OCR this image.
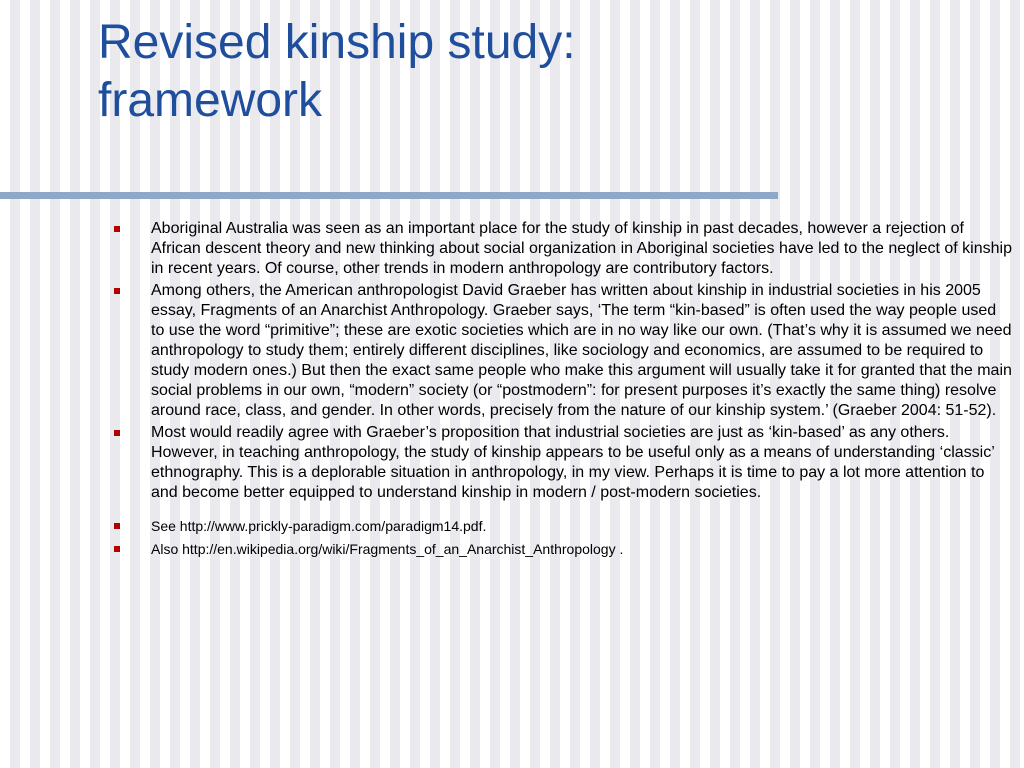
Revised kinship study:
framework
Aboriginal Australia was seen as an important place for the study of kinship in past decades, however a rejection of African descent theory and new thinking about social organization in Aboriginal societies have led to the neglect of kinship in recent years. Of course, other trends in modern anthropology are contributory factors.
Among others, the American anthropologist David Graeber has written about kinship in industrial societies in his 2005 essay, Fragments of an Anarchist Anthropology. Graeber says, ‘The term “kin-based” is often used the way people used to use the word “primitive”; these are exotic societies which are in no way like our own. (That’s why it is assumed we need anthropology to study them; entirely different disciplines, like sociology and economics, are assumed to be required to study modern ones.) But then the exact same people who make this argument will usually take it for granted that the main social problems in our own, “modern” society (or “postmodern”: for present purposes it’s exactly the same thing) resolve around race, class, and gender. In other words, precisely from the nature of our kinship system.’ (Graeber 2004: 51-52).
Most would readily agree with Graeber’s proposition that industrial societies are just as ‘kin-based’ as any others. However, in teaching anthropology, the study of kinship appears to be useful only as a means of understanding ‘classic’ ethnography. This is a deplorable situation in anthropology, in my view. Perhaps it is time to pay a lot more attention to and become better equipped to understand kinship in modern / post-modern societies.
See http://www.prickly-paradigm.com/paradigm14.pdf.
Also http://en.wikipedia.org/wiki/Fragments_of_an_Anarchist_Anthropology .
